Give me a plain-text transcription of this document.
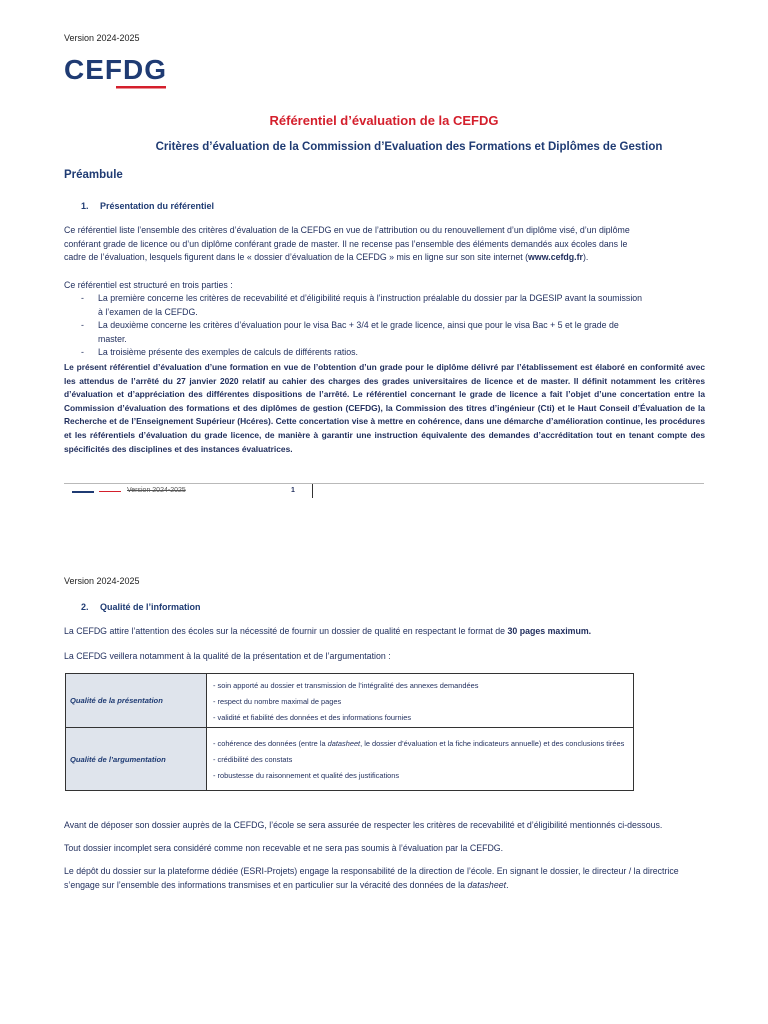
Version 2024-2025
CEFDG
Référentiel d’évaluation de la CEFDG
Critères d’évaluation de la Commission d’Evaluation des Formations et Diplômes de Gestion
Préambule
1. Présentation du référentiel
Ce référentiel liste l’ensemble des critères d’évaluation de la CEFDG en vue de l’attribution ou du renouvellement d’un diplôme visé, d’un diplôme
conférant grade de licence ou d’un diplôme conférant grade de master. Il ne recense pas l’ensemble des éléments demandés aux écoles dans le
cadre de l’évaluation, lesquels figurent dans le « dossier d’évaluation de la CEFDG » mis en ligne sur son site internet (www.cefdg.fr).
Ce référentiel est structuré en trois parties :
- La première concerne les critères de recevabilité et d’éligibilité requis à l’instruction préalable du dossier par la DGESIP avant la soumission
à l’examen de la CEFDG.
- La deuxième concerne les critères d’évaluation pour le visa Bac + 3/4 et le grade licence, ainsi que pour le visa Bac + 5 et le grade de
master.
- La troisième présente des exemples de calculs de différents ratios.
Le présent référentiel d’évaluation d’une formation en vue de l’obtention d’un grade pour le diplôme délivré par l’établissement est élaboré en conformité avec les attendus de l’arrêté du 27 janvier 2020 relatif au cahier des charges des grades universitaires de licence et de master. Il définit notamment les critères d’évaluation et d’appréciation des différentes dispositions de l’arrêté. Le référentiel concernant le grade de licence a fait l’objet d’une concertation entre la Commission d’évaluation des formations et des diplômes de gestion (CEFDG), la Commission des titres d’ingénieur (Cti) et le Haut Conseil d’Évaluation de la Recherche et de l’Enseignement Supérieur (Hcéres). Cette concertation vise à mettre en cohérence, dans une démarche d’amélioration continue, les procédures et les référentiels d’évaluation du grade licence, de manière à garantir une instruction équivalente des demandes d’accréditation tout en tenant compte des spécificités des disciplines et des instances évaluatrices.
Version 2024-2025	1
Version 2024-2025
2. Qualité de l’information
La CEFDG attire l’attention des écoles sur la nécessité de fournir un dossier de qualité en respectant le format de 30 pages maximum.
La CEFDG veillera notamment à la qualité de la présentation et de l’argumentation :
Qualité de la présentation	- soin apporté au dossier et transmission de l’intégralité des annexes demandées
- respect du nombre maximal de pages
- validité et fiabilité des données et des informations fournies

Qualité de l’argumentation	- cohérence des données (entre la datasheet, le dossier d’évaluation et la fiche indicateurs annuelle) et des conclusions tirées
- crédibilité des constats
- robustesse du raisonnement et qualité des justifications
Avant de déposer son dossier auprès de la CEFDG, l’école se sera assurée de respecter les critères de recevabilité et d’éligibilité mentionnés ci-dessous.
Tout dossier incomplet sera considéré comme non recevable et ne sera pas soumis à l’évaluation par la CEFDG.
Le dépôt du dossier sur la plateforme dédiée (ESRI-Projets) engage la responsabilité de la direction de l’école. En signant le dossier, le directeur / la directrice
s’engage sur l’ensemble des informations transmises et en particulier sur la véracité des données de la datasheet.
